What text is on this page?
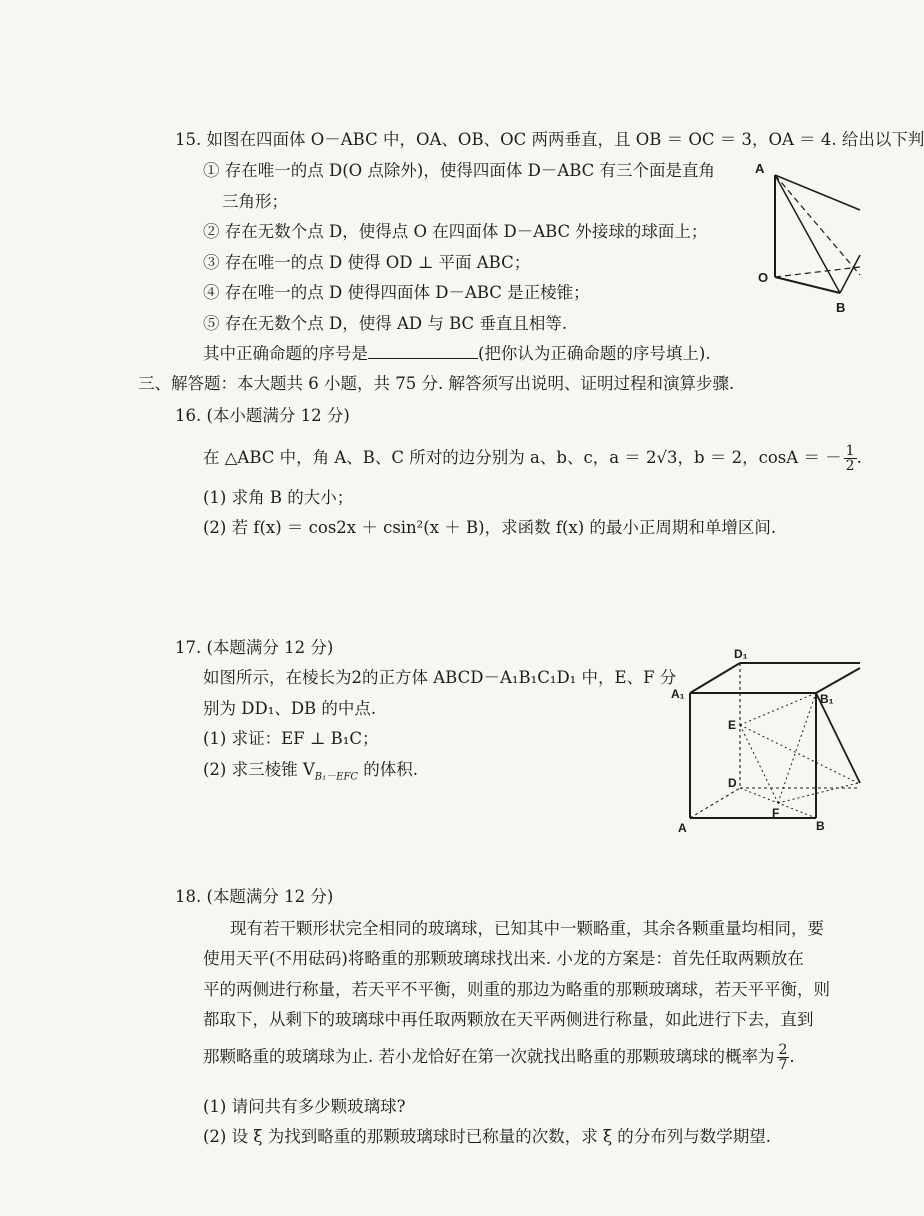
15. 如图在四面体 O－ABC 中，OA、OB、OC 两两垂直，且 OB ＝ OC ＝ 3，OA ＝ 4. 给出以下判
① 存在唯一的点 D(O 点除外)，使得四面体 D－ABC 有三个面是直角
三角形；
② 存在无数个点 D，使得点 O 在四面体 D－ABC 外接球的球面上；
③ 存在唯一的点 D 使得 OD ⊥ 平面 ABC；
④ 存在唯一的点 D 使得四面体 D－ABC 是正棱锥；
⑤ 存在无数个点 D，使得 AD 与 BC 垂直且相等.
其中正确命题的序号是	(把你认为正确命题的序号填上).
A
O
B
三、解答题：本大题共 6 小题，共 75 分. 解答须写出说明、证明过程和演算步骤.
16. (本小题满分 12 分)
在 △ABC 中，角 A、B、C 所对的边分别为 a、b、c，a ＝ 2√3，b ＝ 2，cosA ＝ － $\frac{1}{2}$ .
(1) 求角 B 的大小；
(2) 若 f(x) ＝ cos2x ＋ csin²(x ＋ B)，求函数 f(x) 的最小正周期和单增区间.
17. (本题满分 12 分)
如图所示，在棱长为2的正方体 ABCD－A₁B₁C₁D₁ 中，E、F 分
别为 DD₁、DB 的中点.
(1) 求证：EF ⊥ B₁C；
(2) 求三棱锥 $V_{B_1-EFC}$ 的体积.
D₁
A₁	B₁
E
D
F
A	B
18. (本题满分 12 分)
现有若干颗形状完全相同的玻璃球，已知其中一颗略重，其余各颗重量均相同，要
使用天平(不用砝码)将略重的那颗玻璃球找出来. 小龙的方案是：首先任取两颗放在
平的两侧进行称量，若天平不平衡，则重的那边为略重的那颗玻璃球，若天平平衡，则
都取下，从剩下的玻璃球中再任取两颗放在天平两侧进行称量，如此进行下去，直到
那颗略重的玻璃球为止. 若小龙恰好在第一次就找出略重的那颗玻璃球的概率为 $\frac{2}{7}$ .
(1) 请问共有多少颗玻璃球?
(2) 设 ξ 为找到略重的那颗玻璃球时已称量的次数，求 ξ 的分布列与数学期望.
